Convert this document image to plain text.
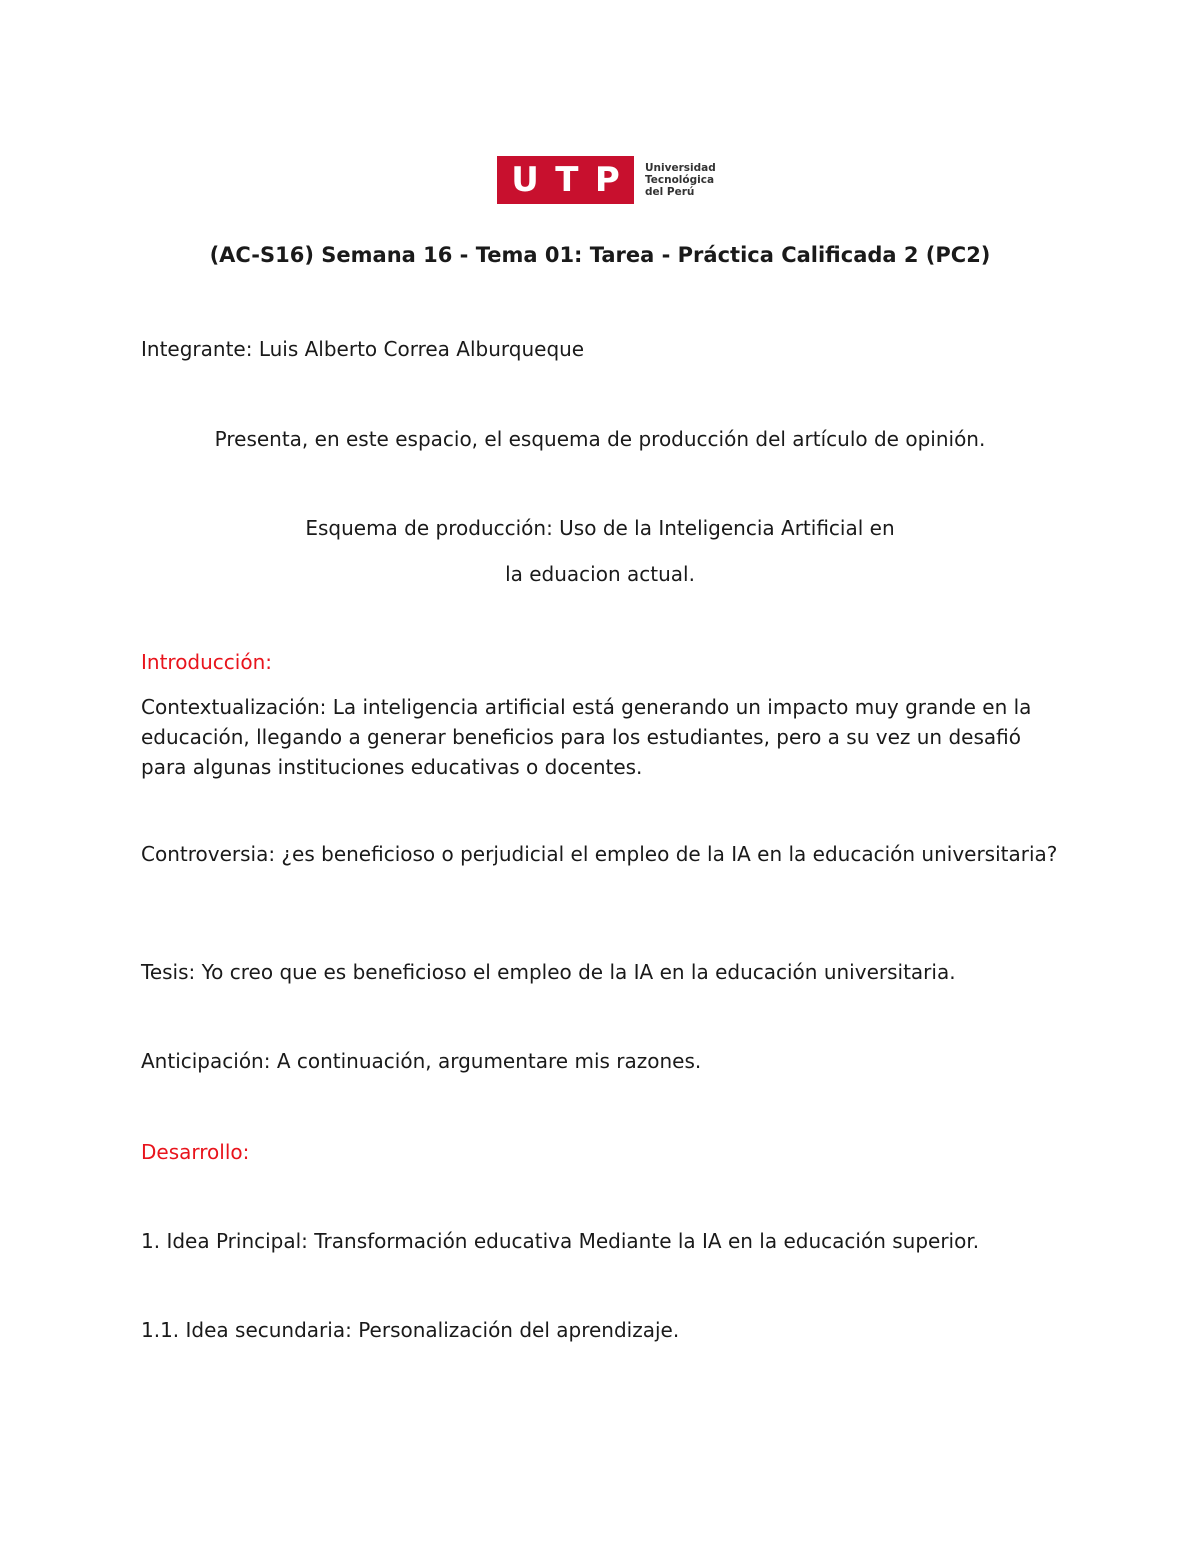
U T P Universidad
Tecnológica
del Perú
(AC-S16) Semana 16 - Tema 01: Tarea - Práctica Calificada 2 (PC2)

Integrante: Luis Alberto Correa Alburqueque

Presenta, en este espacio, el esquema de producción del artículo de opinión.

Esquema de producción: Uso de la Inteligencia Artificial en

la eduacion actual.

Introducción:

Contextualización: La inteligencia artificial está generando un impacto muy grande en la educación, llegando a generar beneficios para los estudiantes, pero a su vez un desafió para algunas instituciones educativas o docentes.

Controversia: ¿es beneficioso o perjudicial el empleo de la IA en la educación universitaria?

Tesis: Yo creo que es beneficioso el empleo de la IA en la educación universitaria.

Anticipación: A continuación, argumentare mis razones.

Desarrollo:

1. Idea Principal: Transformación educativa Mediante la IA en la educación superior.

1.1. Idea secundaria: Personalización del aprendizaje.
